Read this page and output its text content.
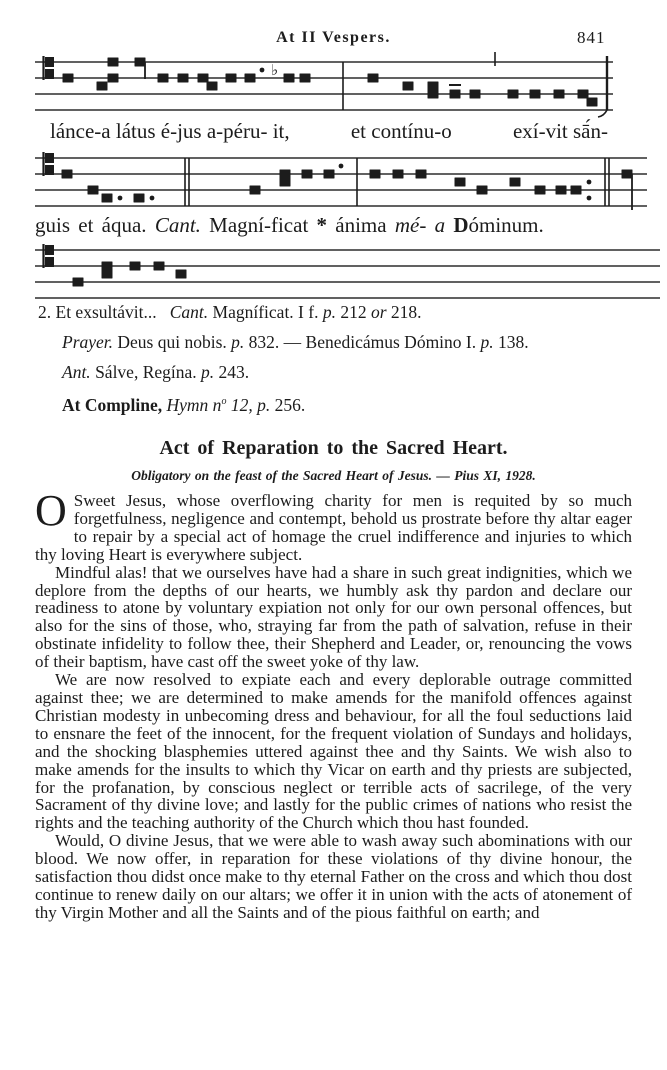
At II Vespers.	841
♭
lánce-a látus é-jus a-péru- it,	et contínu-o	exí-vit sā́n-
guis et áqua. Cant. Magní-ficat * ánima mé- a Dóminum.
2. Et exsultávit...   Cant. Magníficat. I f. p. 212 or 218.
Prayer. Deus qui nobis. p. 832. — Benedicámus Dómino I. p. 138.
Ant. Sálve, Regína. p. 243.
At Compline, Hymn $n^o$ 12, p. 256.
Act of Reparation to the Sacred Heart.
Obligatory on the feast of the Sacred Heart of Jesus. — Pius XI, 1928.

O Sweet Jesus, whose overflowing charity for men is requited by so much forgetfulness, negligence and contempt, behold us prostrate before thy altar eager to repair by a special act of homage the cruel indifference and injuries to which thy loving Heart is everywhere subject.

Mindful alas! that we ourselves have had a share in such great indignities, which we deplore from the depths of our hearts, we humbly ask thy pardon and declare our readiness to atone by voluntary expiation not only for our own personal offences, but also for the sins of those, who, straying far from the path of salvation, refuse in their obstinate infidelity to follow thee, their Shepherd and Leader, or, renouncing the vows of their baptism, have cast off the sweet yoke of thy law.

We are now resolved to expiate each and every deplorable outrage committed against thee; we are determined to make amends for the manifold offences against Christian modesty in unbecoming dress and behaviour, for all the foul seductions laid to ensnare the feet of the innocent, for the frequent violation of Sundays and holidays, and the shocking blasphemies uttered against thee and thy Saints. We wish also to make amends for the insults to which thy Vicar on earth and thy priests are subjected, for the profanation, by conscious neglect or terrible acts of sacrilege, of the very Sacrament of thy divine love; and lastly for the public crimes of nations who resist the rights and the teaching authority of the Church which thou hast founded.

Would, O divine Jesus, that we were able to wash away such abominations with our blood. We now offer, in reparation for these violations of thy divine honour, the satisfaction thou didst once make to thy eternal Father on the cross and which thou dost continue to renew daily on our altars; we offer it in union with the acts of atonement of thy Virgin Mother and all the Saints and of the pious faithful on earth; and
